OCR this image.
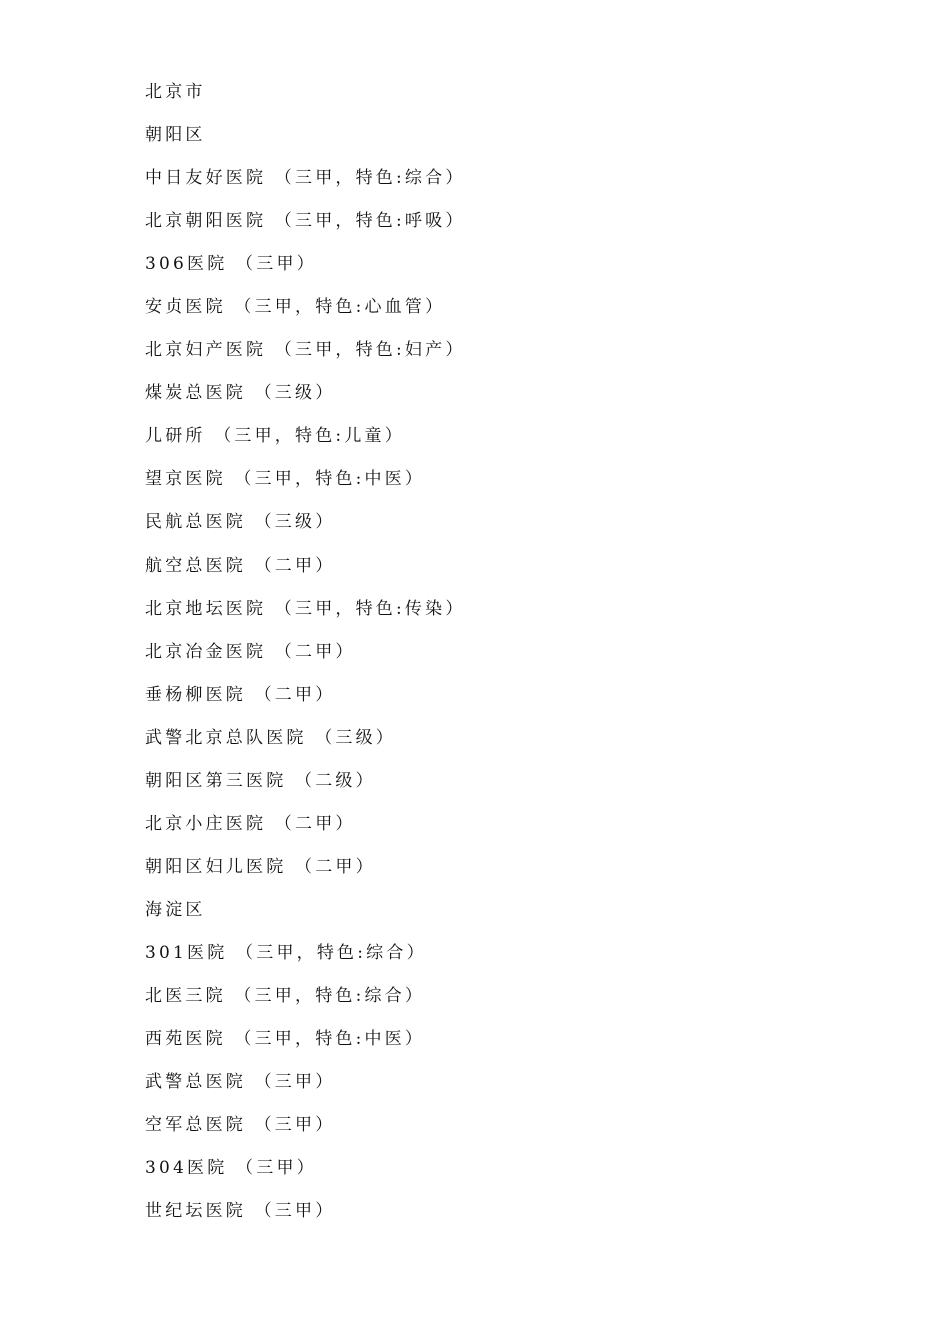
北京市
朝阳区
中日友好医院 （三甲，特色:综合）
北京朝阳医院 （三甲，特色:呼吸）
306医院 （三甲）
安贞医院 （三甲，特色:心血管）
北京妇产医院 （三甲，特色:妇产）
煤炭总医院 （三级）
儿研所 （三甲，特色:儿童）
望京医院 （三甲，特色:中医）
民航总医院 （三级）
航空总医院 （二甲）
北京地坛医院 （三甲，特色:传染）
北京冶金医院 （二甲）
垂杨柳医院 （二甲）
武警北京总队医院 （三级）
朝阳区第三医院 （二级）
北京小庄医院 （二甲）
朝阳区妇儿医院 （二甲）
海淀区
301医院 （三甲，特色:综合）
北医三院 （三甲，特色:综合）
西苑医院 （三甲，特色:中医）
武警总医院 （三甲）
空军总医院 （三甲）
304医院 （三甲）
世纪坛医院 （三甲）
